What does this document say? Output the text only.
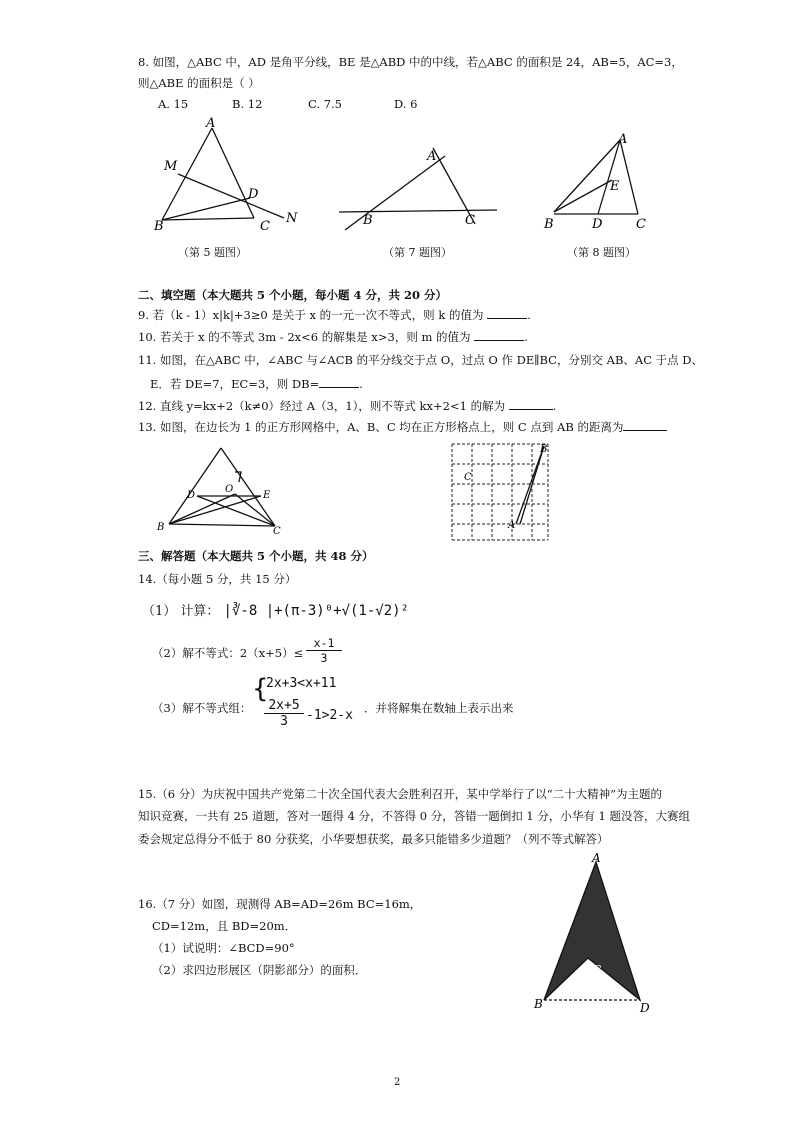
8. 如图，△ABC 中，AD 是角平分线，BE 是△ABD 中的中线，若△ABC 的面积是 24，AB=5，AC=3，
则△ABE 的面积是（ ）
A. 15	B. 12	C. 7.5	D. 6
A
M
D
B	C
N
（第 5 题图）
A
B	C
（第 7 题图）
A
E
B	D	C
（第 8 题图）
二、填空题（本大题共 5 个小题，每小题 4 分，共 20 分）
9. 若（k - 1）x|k|+3≥0 是关于 x 的一元一次不等式，则 k 的值为	.
10. 若关于 x 的不等式 3m - 2x<6 的解集是 x>3，则 m 的值为	.
11. 如图，在△ABC 中，∠ABC 与∠ACB 的平分线交于点 O，过点 O 作 DE∥BC，分别交 AB、AC 于点 D、
E．若 DE=7，EC=3，则 DB=	.
12. 直线 y=kx+2（k≠0）经过 A（3，1），则不等式 kx+2<1 的解为	.
13. 如图，在边长为 1 的正方形网格中，A、B、C 均在正方形格点上，则 C 点到 AB 的距离为
D
O
E
B	C
B
C
A
三、解答题（本大题共 5 个小题，共 48 分）
14.（每小题 5 分，共 15 分）
（1） 计算： |∛-8 |+(π-3)⁰+√(1-√2)²
（2）解不等式：2（x+5）≤
x-1
3
（3）解不等式组：
{
2x+3<x+11
2x+5
3	-1>2-x ．并将解集在数轴上表示出来
15.（6 分）为庆祝中国共产党第二十次全国代表大会胜利召开，某中学举行了以“二十大精神”为主题的
知识竞赛，一共有 25 道题，答对一题得 4 分，不答得 0 分，答错一题倒扣 1 分，小华有 1 题没答，大赛组
委会规定总得分不低于 80 分获奖，小华要想获奖，最多只能错多少道题？（列不等式解答）
16.（7 分）如图，现测得 AB=AD=26m BC=16m，
CD=12m，且 BD=20m．
（1）试说明：∠BCD=90°
（2）求四边形展区（阴影部分）的面积．
A
C
B	D
2
